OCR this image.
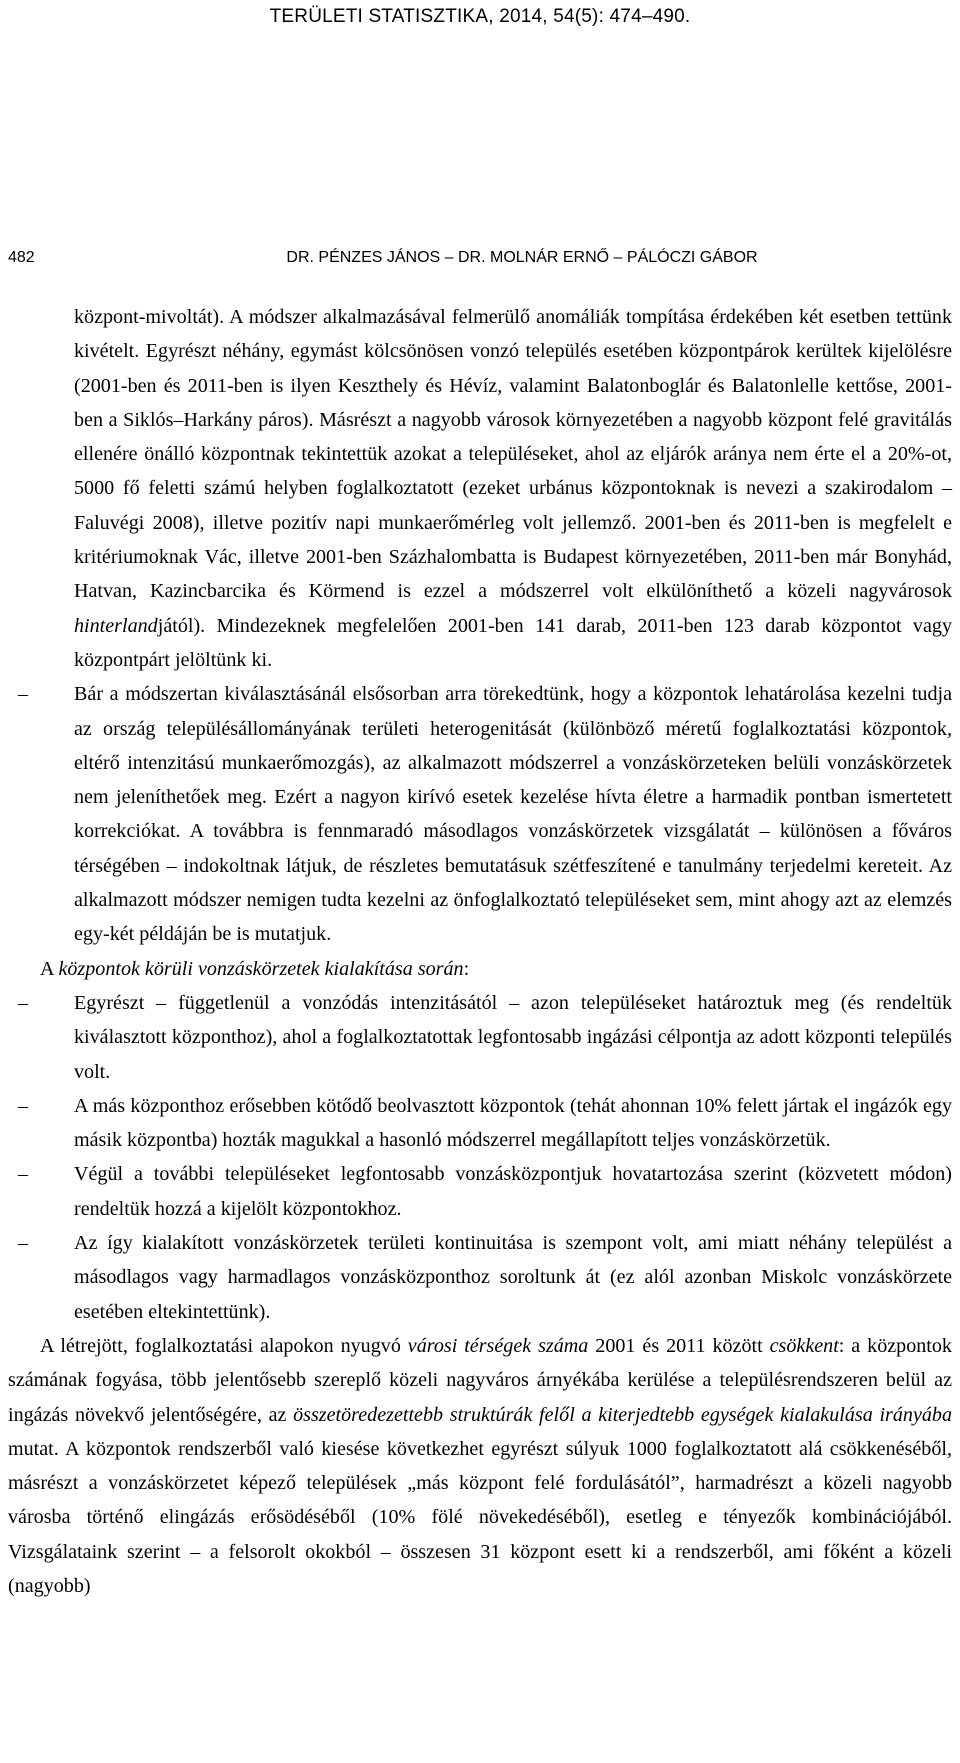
TERÜLETI STATISZTIKA, 2014, 54(5): 474–490.
482	DR. PÉNZES JÁNOS – DR. MOLNÁR ERNŐ – PÁLÓCZI GÁBOR

központ-mivoltát). A módszer alkalmazásával felmerülő anomáliák tompítása érdekében két esetben tettünk kivételt. Egyrészt néhány, egymást kölcsönösen vonzó település esetében központpárok kerültek kijelölésre (2001-ben és 2011-ben is ilyen Keszthely és Hévíz, valamint Balatonboglár és Balatonlelle kettőse, 2001-ben a Siklós–Harkány páros). Másrészt a nagyobb városok környezetében a nagyobb központ felé gravitálás ellenére önálló központnak tekintettük azokat a településeket, ahol az eljárók aránya nem érte el a 20%-ot, 5000 fő feletti számú helyben foglalkoztatott (ezeket urbánus központoknak is nevezi a szakirodalom – Faluvégi 2008), illetve pozitív napi munkaerőmérleg volt jellemző. 2001-ben és 2011-ben is megfelelt e kritériumoknak Vác, illetve 2001-ben Százhalombatta is Budapest környezetében, 2011-ben már Bonyhád, Hatvan, Kazincbarcika és Körmend is ezzel a módszerrel volt elkülöníthető a közeli nagyvárosok hinterlandjától). Mindezeknek megfelelően 2001-ben 141 darab, 2011-ben 123 darab központot vagy központpárt jelöltünk ki.

– Bár a módszertan kiválasztásánál elsősorban arra törekedtünk, hogy a központok lehatárolása kezelni tudja az ország településállományának területi heterogenitását (különböző méretű foglalkoztatási központok, eltérő intenzitású munkaerőmozgás), az alkalmazott módszerrel a vonzáskörzeteken belüli vonzáskörzetek nem jeleníthetőek meg. Ezért a nagyon kirívó esetek kezelése hívta életre a harmadik pontban ismertetett korrekciókat. A továbbra is fennmaradó másodlagos vonzáskörzetek vizsgálatát – különösen a főváros térségében – indokoltnak látjuk, de részletes bemutatásuk szétfeszítené e tanulmány terjedelmi kereteit. Az alkalmazott módszer nemigen tudta kezelni az önfoglalkoztató településeket sem, mint ahogy azt az elemzés egy-két példáján be is mutatjuk.

A központok körüli vonzáskörzetek kialakítása során:

– Egyrészt – függetlenül a vonzódás intenzitásától – azon településeket határoztuk meg (és rendeltük kiválasztott központhoz), ahol a foglalkoztatottak legfontosabb ingázási célpontja az adott központi település volt.

– A más központhoz erősebben kötődő beolvasztott központok (tehát ahonnan 10% felett jártak el ingázók egy másik központba) hozták magukkal a hasonló módszerrel megállapított teljes vonzáskörzetük.

– Végül a további településeket legfontosabb vonzásközpontjuk hovatartozása szerint (közvetett módon) rendeltük hozzá a kijelölt központokhoz.

– Az így kialakított vonzáskörzetek területi kontinuitása is szempont volt, ami miatt néhány települést a másodlagos vagy harmadlagos vonzásközponthoz soroltunk át (ez alól azonban Miskolc vonzáskörzete esetében eltekintettünk).

A létrejött, foglalkoztatási alapokon nyugvó városi térségek száma 2001 és 2011 között csökkent: a központok számának fogyása, több jelentősebb szereplő közeli nagyváros árnyékába kerülése a településrendszeren belül az ingázás növekvő jelentőségére, az összetöredezettebb struktúrák felől a kiterjedtebb egységek kialakulása irányába mutat. A központok rendszerből való kiesése következhet egyrészt súlyuk 1000 foglalkoztatott alá csökkenéséből, másrészt a vonzáskörzetet képező települések „más központ felé fordulásától”, harmadrészt a közeli nagyobb városba történő elingázás erősödéséből (10% fölé növekedéséből), esetleg e tényezők kombinációjából. Vizsgálataink szerint – a felsorolt okokból – összesen 31 központ esett ki a rendszerből, ami főként a közeli (nagyobb)
